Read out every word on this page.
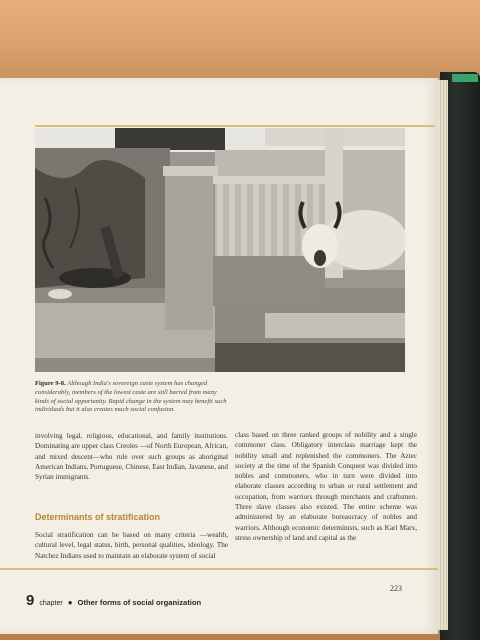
Figure 9-8. Although India's sovereign caste system has changed considerably, members of the lowest caste are still barred from many kinds of social opportunity. Rapid change in the system may benefit such individuals but it also creates much social confusion.

involving legal, religious, educational, and family institutions. Dominating are upper class Creoles —of North European, African, and mixed descent—who rule over such groups as aboriginal American Indians, Portuguese, Chinese, East Indian, Javanese, and Syrian immigrants.

Determinants of stratification

Social stratification can be based on many criteria —wealth, cultural level, legal status, birth, personal qualities, ideology. The Natchez Indians used to maintain an elaborate system of social

class based on three ranked groups of nobility and a single commoner class. Obligatory interclass marriage kept the nobility small and replenished the commoners. The Aztec society at the time of the Spanish Conquest was divided into nobles and commoners, who in turn were divided into elaborate classes according to urban or rural settlement and occupation, from warriors through merchants and craftsmen. Three slave classes also existed. The entire scheme was administered by an elaborate bureaucracy of nobles and warriors. Although economic determinists, such as Karl Marx, stress ownership of land and capital as the

223
9 chapter ● Other forms of social organization
